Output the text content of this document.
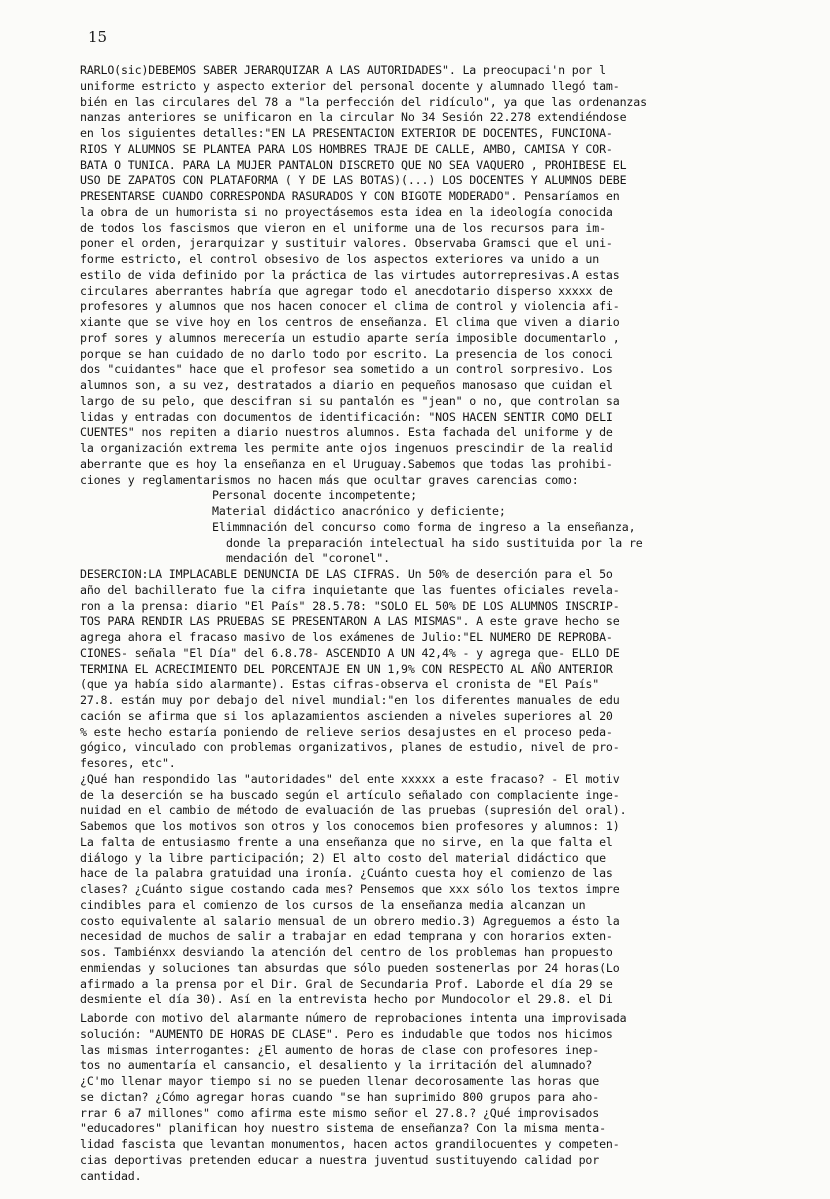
15

RARLO(sic)DEBEMOS SABER JERARQUIZAR A LAS AUTORIDADES". La preocupaci'n por l

uniforme estricto y aspecto exterior del personal docente y alumnado llegó tam-

bién en las circulares del 78 a "la perfección del ridículo", ya que las ordenanzas

nanzas anteriores se unificaron en la circular No 34 Sesión 22.278 extendiéndose

en los siguientes detalles:"EN LA PRESENTACION EXTERIOR DE DOCENTES, FUNCIONA-

RIOS Y ALUMNOS SE PLANTEA PARA LOS HOMBRES TRAJE DE CALLE, AMBO, CAMISA Y COR-

BATA O TUNICA. PARA LA MUJER PANTALON DISCRETO QUE NO SEA VAQUERO , PROHIBESE EL

USO DE ZAPATOS CON PLATAFORMA ( Y DE LAS BOTAS)(...) LOS DOCENTES Y ALUMNOS DEBE

PRESENTARSE CUANDO CORRESPONDA RASURADOS Y CON BIGOTE MODERADO". Pensaríamos en

la obra de un humorista si no proyectásemos esta idea en la ideología conocida

de todos los fascismos que vieron en el uniforme una de los recursos para im-

poner el orden, jerarquizar y sustituir valores. Observaba Gramsci que el uni-

forme estricto, el control obsesivo de los aspectos exteriores va unido a un

estilo de vida definido por la práctica de las virtudes autorrepresivas.A estas

circulares aberrantes habría que agregar todo el anecdotario disperso xxxxx de

profesores y alumnos que nos hacen conocer el clima de control y violencia afi-

xiante que se vive hoy en los centros de enseñanza. El clima que viven a diario

prof sores y alumnos merecería un estudio aparte sería imposible documentarlo ,

porque se han cuidado de no darlo todo por escrito. La presencia de los conoci

dos "cuidantes" hace que el profesor sea sometido a un control sorpresivo. Los

alumnos son, a su vez, destratados a diario en pequeños manosaso que cuidan el

largo de su pelo, que descifran si su pantalón es "jean" o no, que controlan sa

lidas y entradas con documentos de identificación: "NOS HACEN SENTIR COMO DELI

CUENTES" nos repiten a diario nuestros alumnos. Esta fachada del uniforme y de

la organización extrema les permite ante ojos ingenuos prescindir de la realid

aberrante que es hoy la enseñanza en el Uruguay.Sabemos que todas las prohibi-

ciones y reglamentarismos no hacen más que ocultar graves carencias como:

Personal docente incompetente;

Material didáctico anacrónico y deficiente;

Elimmnación del concurso como forma de ingreso a la enseñanza,

donde la preparación intelectual ha sido sustituida por la re

mendación del "coronel".

DESERCION:LA IMPLACABLE DENUNCIA DE LAS CIFRAS. Un 50% de deserción para el 5o

año del bachillerato fue la cifra inquietante que las fuentes oficiales revela-

ron a la prensa: diario "El País" 28.5.78: "SOLO EL 50% DE LOS ALUMNOS INSCRIP-

TOS PARA RENDIR LAS PRUEBAS SE PRESENTARON A LAS MISMAS". A este grave hecho se

agrega ahora el fracaso masivo de los exámenes de Julio:"EL NUMERO DE REPROBA-

CIONES- señala "El Día" del 6.8.78- ASCENDIO A UN 42,4% - y agrega que- ELLO DE

TERMINA EL ACRECIMIENTO DEL PORCENTAJE EN UN 1,9% CON RESPECTO AL AÑO ANTERIOR

(que ya había sido alarmante). Estas cifras-observa el cronista de "El País"

27.8. están muy por debajo del nivel mundial:"en los diferentes manuales de edu

cación se afirma que si los aplazamientos ascienden a niveles superiores al 20

% este hecho estaría poniendo de relieve serios desajustes en el proceso peda-

gógico, vinculado con problemas organizativos, planes de estudio, nivel de pro-

fesores, etc".

¿Qué han respondido las "autoridades" del ente xxxxx a este fracaso? - El motiv

de la deserción se ha buscado según el artículo señalado con complaciente inge-

nuidad en el cambio de método de evaluación de las pruebas (supresión del oral).

Sabemos que los motivos son otros y los conocemos bien profesores y alumnos: 1)

La falta de entusiasmo frente a una enseñanza que no sirve, en la que falta el

diálogo y la libre participación; 2) El alto costo del material didáctico que

hace de la palabra gratuidad una ironía. ¿Cuánto cuesta hoy el comienzo de las

clases? ¿Cuánto sigue costando cada mes? Pensemos que xxx sólo los textos impre

cindibles para el comienzo de los cursos de la enseñanza media alcanzan un

costo equivalente al salario mensual de un obrero medio.3) Agreguemos a ésto la

necesidad de muchos de salir a trabajar en edad temprana y con horarios exten-

sos. Tambiénxx desviando la atención del centro de los problemas han propuesto

enmiendas y soluciones tan absurdas que sólo pueden sostenerlas por 24 horas(Lo

afirmado a la prensa por el Dir. Gral de Secundaria Prof. Laborde el día 29 se

desmiente el día 30). Así en la entrevista hecho por Mundocolor el 29.8. el Di

Laborde con motivo del alarmante número de reprobaciones intenta una improvisada

solución: "AUMENTO DE HORAS DE CLASE". Pero es indudable que todos nos hicimos

las mismas interrogantes: ¿El aumento de horas de clase con profesores inep-

tos no aumentaría el cansancio, el desaliento y la irritación del alumnado?

¿C'mo llenar mayor tiempo si no se pueden llenar decorosamente las horas que

se dictan? ¿Cómo agregar horas cuando "se han suprimido 800 grupos para aho-

rrar 6 a7 millones" como afirma este mismo señor el 27.8.? ¿Qué improvisados

"educadores" planifican hoy nuestro sistema de enseñanza? Con la misma menta-

lidad fascista que levantan monumentos, hacen actos grandilocuentes y competen-

cias deportivas pretenden educar a nuestra juventud sustituyendo calidad por

cantidad.
